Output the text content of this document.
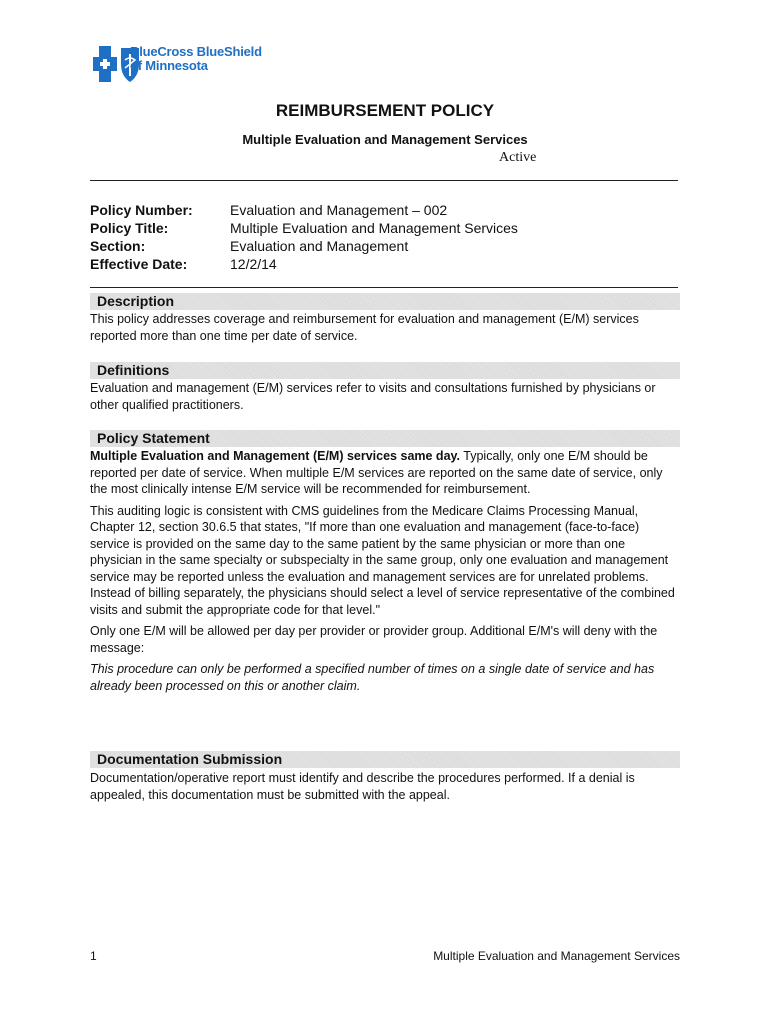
BlueCross BlueShield
of Minnesota
REIMBURSEMENT POLICY
Multiple Evaluation and Management Services
Active
Policy Number:	Evaluation and Management – 002
Policy Title:	Multiple Evaluation and Management Services
Section:	Evaluation and Management
Effective Date:	12/2/14
Description

This policy addresses coverage and reimbursement for evaluation and management (E/M) services reported more than one time per date of service.

Definitions

Evaluation and management (E/M) services refer to visits and consultations furnished by physicians or other qualified practitioners.

Policy Statement

Multiple Evaluation and Management (E/M) services same day. Typically, only one E/M should be reported per date of service. When multiple E/M services are reported on the same date of service, only the most clinically intense E/M service will be recommended for reimbursement.

This auditing logic is consistent with CMS guidelines from the Medicare Claims Processing Manual, Chapter 12, section 30.6.5 that states, "If more than one evaluation and management (face-to-face) service is provided on the same day to the same patient by the same physician or more than one physician in the same specialty or subspecialty in the same group, only one evaluation and management service may be reported unless the evaluation and management services are for unrelated problems. Instead of billing separately, the physicians should select a level of service representative of the combined visits and submit the appropriate code for that level."

Only one E/M will be allowed per day per provider or provider group. Additional E/M's will deny with the message:

This procedure can only be performed a specified number of times on a single date of service and has already been processed on this or another claim.

Documentation Submission

Documentation/operative report must identify and describe the procedures performed. If a denial is appealed, this documentation must be submitted with the appeal.

1	Multiple Evaluation and Management Services
